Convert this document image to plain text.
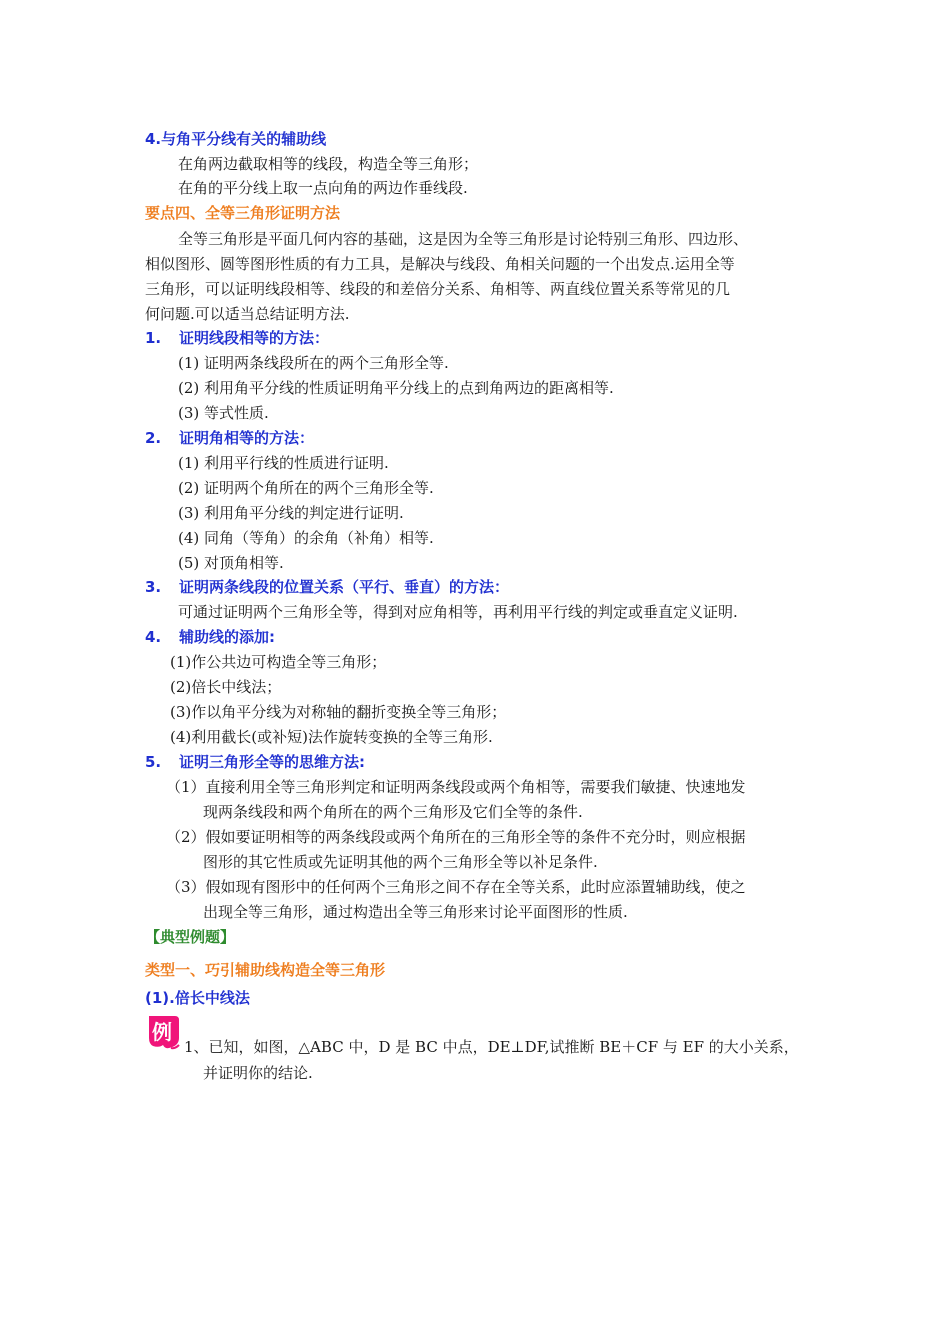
4.与角平分线有关的辅助线
在角两边截取相等的线段，构造全等三角形；
在角的平分线上取一点向角的两边作垂线段.
要点四、全等三角形证明方法
全等三角形是平面几何内容的基础，这是因为全等三角形是讨论特别三角形、四边形、
相似图形、圆等图形性质的有力工具，是解决与线段、角相关问题的一个出发点.运用全等
三角形，可以证明线段相等、线段的和差倍分关系、角相等、两直线位置关系等常见的几
何问题.可以适当总结证明方法.
1. 证明线段相等的方法：
(1) 证明两条线段所在的两个三角形全等.
(2) 利用角平分线的性质证明角平分线上的点到角两边的距离相等.
(3) 等式性质.
2. 证明角相等的方法：
(1) 利用平行线的性质进行证明.
(2) 证明两个角所在的两个三角形全等.
(3) 利用角平分线的判定进行证明.
(4) 同角（等角）的余角（补角）相等.
(5) 对顶角相等.
3. 证明两条线段的位置关系（平行、垂直）的方法：
可通过证明两个三角形全等，得到对应角相等，再利用平行线的判定或垂直定义证明.
4. 辅助线的添加:
(1)作公共边可构造全等三角形；
(2)倍长中线法；
(3)作以角平分线为对称轴的翻折变换全等三角形；
(4)利用截长(或补短)法作旋转变换的全等三角形.
5. 证明三角形全等的思维方法:
（1）直接利用全等三角形判定和证明两条线段或两个角相等，需要我们敏捷、快速地发
现两条线段和两个角所在的两个三角形及它们全等的条件.
（2）假如要证明相等的两条线段或两个角所在的三角形全等的条件不充分时，则应根据
图形的其它性质或先证明其他的两个三角形全等以补足条件.
（3）假如现有图形中的任何两个三角形之间不存在全等关系，此时应添置辅助线，使之
出现全等三角形，通过构造出全等三角形来讨论平面图形的性质.
【典型例题】
类型一、巧引辅助线构造全等三角形
(1).倍长中线法
例
1、已知，如图，△ABC 中，D 是 BC 中点，DE⊥DF,试推断 BE＋CF 与 EF 的大小关系，
并证明你的结论.
